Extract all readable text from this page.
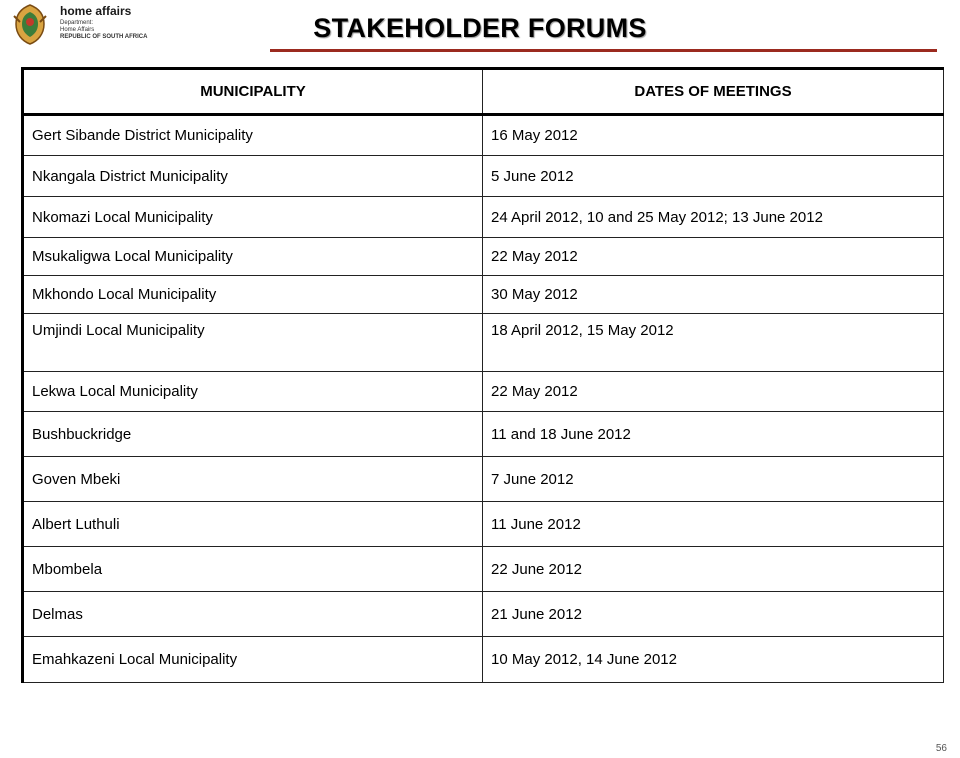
home affairs
Department:
Home Affairs
REPUBLIC OF SOUTH AFRICA	STAKEHOLDER FORUMS
MUNICIPALITY	DATES OF MEETINGS
Gert Sibande District Municipality	16 May 2012
Nkangala District Municipality	5 June 2012
Nkomazi Local Municipality	24 April 2012, 10 and 25 May 2012; 13 June 2012
Msukaligwa Local Municipality	22 May 2012
Mkhondo Local Municipality	30 May 2012
Umjindi Local Municipality	18 April 2012, 15 May 2012
Lekwa Local Municipality	22 May 2012
Bushbuckridge	11 and 18 June 2012
Goven Mbeki	7 June 2012
Albert Luthuli	11 June 2012
Mbombela	22 June 2012
Delmas	21 June 2012
Emahkazeni Local Municipality	10 May 2012, 14 June 2012
56
